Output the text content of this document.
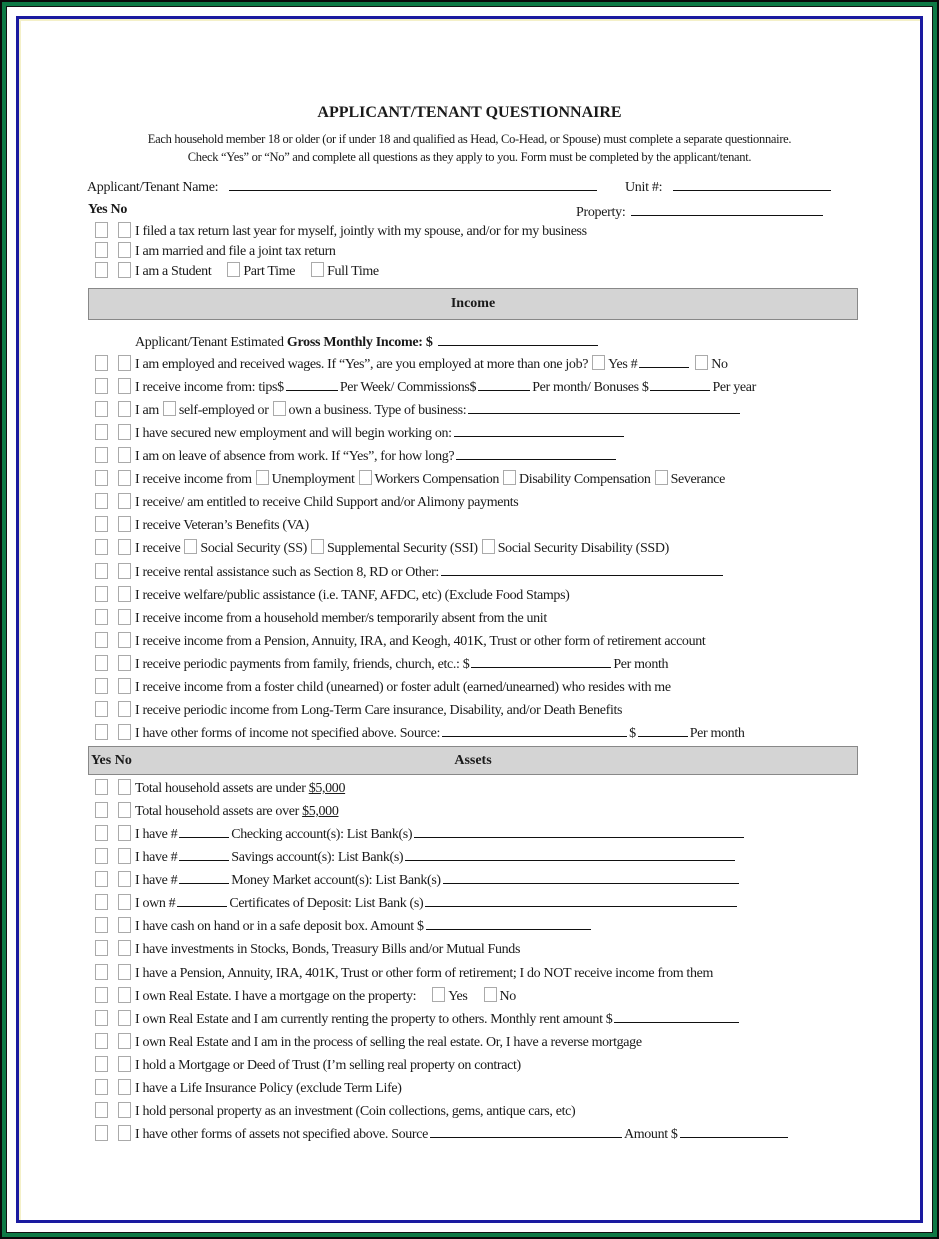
APPLICANT/TENANT QUESTIONNAIRE
Each household member 18 or older (or if under 18 and qualified as Head, Co-Head, or Spouse) must complete a separate questionnaire.
Check “Yes” or “No” and complete all questions as they apply to you. Form must be completed by the applicant/tenant.
Applicant/Tenant Name:	Unit #:
Yes No	Property:
I filed a tax return last year for myself, jointly with my spouse, and/or for my business
I am married and file a joint tax return
I am a Student Part Time Full Time
Income
Applicant/Tenant Estimated Gross Monthly Income: $
I am employed and received wages. If “Yes”, are you employed at more than one job? Yes #	No
I receive income from: tips$	Per Week/ Commissions$	Per month/ Bonuses $	Per year
I am self-employed or own a business. Type of business:
I have secured new employment and will begin working on:
I am on leave of absence from work. If “Yes”, for how long?
I receive income from Unemployment Workers Compensation Disability Compensation Severance
I receive/ am entitled to receive Child Support and/or Alimony payments
I receive Veteran’s Benefits (VA)
I receive Social Security (SS) Supplemental Security (SSI) Social Security Disability (SSD)
I receive rental assistance such as Section 8, RD or Other:
I receive welfare/public assistance (i.e. TANF, AFDC, etc) (Exclude Food Stamps)
I receive income from a household member/s temporarily absent from the unit
I receive income from a Pension, Annuity, IRA, and Keogh, 401K, Trust or other form of retirement account
I receive periodic payments from family, friends, church, etc.: $	Per month
I receive income from a foster child (unearned) or foster adult (earned/unearned) who resides with me
I receive periodic income from Long-Term Care insurance, Disability, and/or Death Benefits
I have other forms of income not specified above. Source:	$	Per month
Yes No	Assets
Total household assets are under $5,000
Total household assets are over $5,000
I have #	Checking account(s): List Bank(s)
I have #	Savings account(s): List Bank(s)
I have #	Money Market account(s): List Bank(s)
I own #	Certificates of Deposit: List Bank (s)
I have cash on hand or in a safe deposit box. Amount $
I have investments in Stocks, Bonds, Treasury Bills and/or Mutual Funds
I have a Pension, Annuity, IRA, 401K, Trust or other form of retirement; I do NOT receive income from them
I own Real Estate. I have a mortgage on the property: Yes No
I own Real Estate and I am currently renting the property to others. Monthly rent amount $
I own Real Estate and I am in the process of selling the real estate. Or, I have a reverse mortgage
I hold a Mortgage or Deed of Trust (I’m selling real property on contract)
I have a Life Insurance Policy (exclude Term Life)
I hold personal property as an investment (Coin collections, gems, antique cars, etc)
I have other forms of assets not specified above. Source	Amount $
